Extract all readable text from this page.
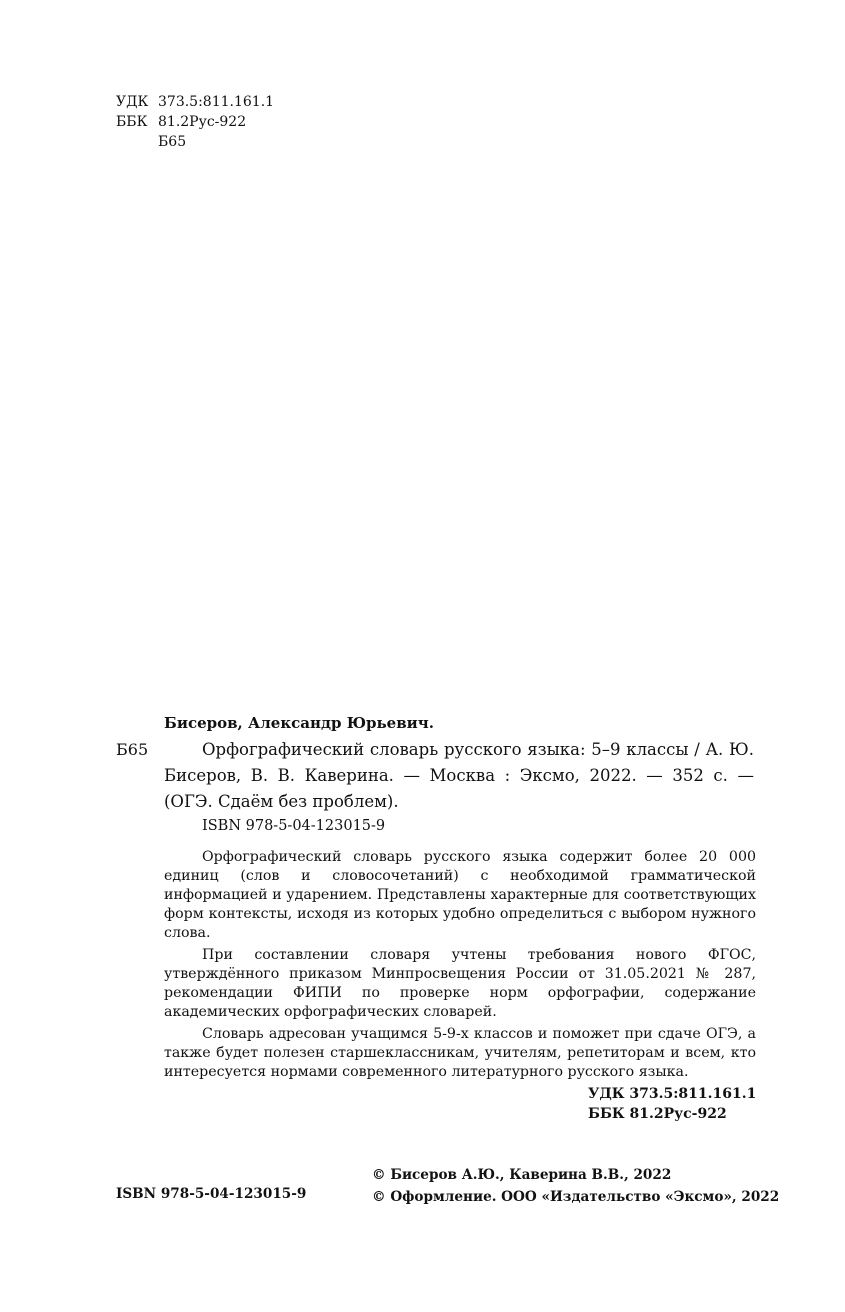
УДК 373.5:811.161.1
ББК 81.2Рус-922
Б65
Бисеров, Александр Юрьевич.
Б65	Орфографический словарь русского языка: 5–9 классы / А. Ю. Бисеров, В. В. Каверина. — Москва : Эксмо, 2022. — 352 с. — (ОГЭ. Сдаём без проблем).

ISBN 978-5-04-123015-9

Орфографический словарь русского языка содержит более 20 000 единиц (слов и словосочетаний) с необходимой грамматической информацией и ударением. Представлены характерные для соответствующих форм контексты, исходя из которых удобно определиться с выбором нужного слова.

При составлении словаря учтены требования нового ФГОС, утверждённого приказом Минпросвещения России от 31.05.2021 № 287, рекомендации ФИПИ по проверке норм орфографии, содержание академических орфографических словарей.

Словарь адресован учащимся 5-9-х классов и поможет при сдаче ОГЭ, а также будет полезен старшеклассникам, учителям, репетиторам и всем, кто интересуется нормами современного литературного русского языка.

УДК 373.5:811.161.1
ББК 81.2Рус-922
© Бисеров А.Ю., Каверина В.В., 2022
© Оформление. ООО «Издательство «Эксмо», 2022
ISBN 978-5-04-123015-9
